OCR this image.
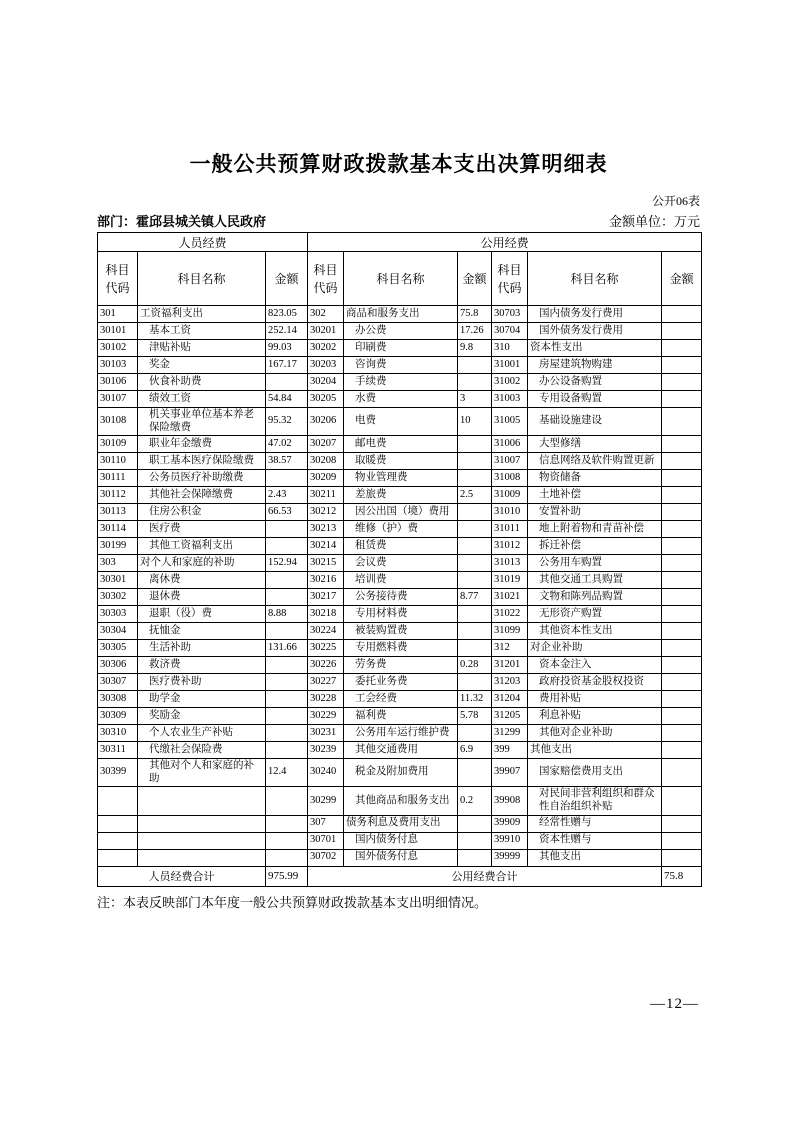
一般公共预算财政拨款基本支出决算明细表
公开06表
部门：霍邱县城关镇人民政府	金额单位：万元
人员经费			公用经费					
科目代码	科目名称	金额	科目代码	科目名称	金额	科目代码	科目名称	金额
301	工资福利支出	823.05	302	商品和服务支出	75.8	30703	国内债务发行费用	
30101	基本工资	252.14	30201	办公费	17.26	30704	国外债务发行费用	
30102	津贴补贴	99.03	30202	印刷费	9.8	310	资本性支出	
30103	奖金	167.17	30203	咨询费		31001	房屋建筑物购建	
30106	伙食补助费		30204	手续费		31002	办公设备购置	
30107	绩效工资	54.84	30205	水费	3	31003	专用设备购置	
30108	机关事业单位基本养老保险缴费	95.32	30206	电费	10	31005	基础设施建设	
30109	职业年金缴费	47.02	30207	邮电费		31006	大型修缮	
30110	职工基本医疗保险缴费	38.57	30208	取暖费		31007	信息网络及软件购置更新	
30111	公务员医疗补助缴费		30209	物业管理费		31008	物资储备	
30112	其他社会保障缴费	2.43	30211	差旅费	2.5	31009	土地补偿	
30113	住房公积金	66.53	30212	因公出国（境）费用		31010	安置补助	
30114	医疗费		30213	维修（护）费		31011	地上附着物和青苗补偿	
30199	其他工资福利支出		30214	租赁费		31012	拆迁补偿	
303	对个人和家庭的补助	152.94	30215	会议费		31013	公务用车购置	
30301	离休费		30216	培训费		31019	其他交通工具购置	
30302	退休费		30217	公务接待费	8.77	31021	文物和陈列品购置	
30303	退职（役）费	8.88	30218	专用材料费		31022	无形资产购置	
30304	抚恤金		30224	被装购置费		31099	其他资本性支出	
30305	生活补助	131.66	30225	专用燃料费		312	对企业补助	
30306	救济费		30226	劳务费	0.28	31201	资本金注入	
30307	医疗费补助		30227	委托业务费		31203	政府投资基金股权投资	
30308	助学金		30228	工会经费	11.32	31204	费用补贴	
30309	奖励金		30229	福利费	5.78	31205	利息补贴	
30310	个人农业生产补贴		30231	公务用车运行维护费		31299	其他对企业补助	
30311	代缴社会保险费		30239	其他交通费用	6.9	399	其他支出	
30399	其他对个人和家庭的补助	12.4	30240	税金及附加费用		39907	国家赔偿费用支出	
			30299	其他商品和服务支出	0.2	39908	对民间非营利组织和群众性自治组织补贴	
			307	债务利息及费用支出		39909	经常性赠与	
			30701	国内债务付息		39910	资本性赠与	
			30702	国外债务付息		39999	其他支出	
人员经费合计		975.99	公用经费合计					75.8
注：本表反映部门本年度一般公共预算财政拨款基本支出明细情况。
—12—
